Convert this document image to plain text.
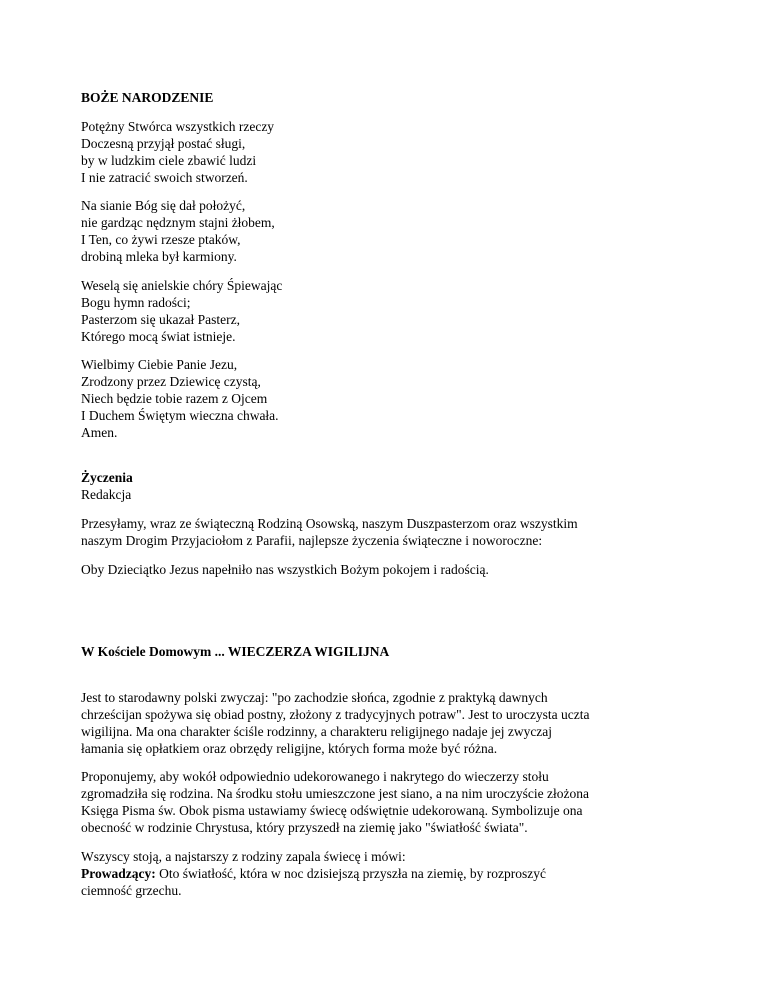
BOŻE NARODZENIE
Potężny Stwórca wszystkich rzeczy
Doczesną przyjął postać sługi,
by w ludzkim ciele zbawić ludzi
I nie zatracić swoich stworzeń.
Na sianie Bóg się dał położyć,
nie gardząc nędznym stajni żłobem,
I Ten, co żywi rzesze ptaków,
drobiną mleka był karmiony.
Weselą się anielskie chóry Śpiewając
Bogu hymn radości;
Pasterzom się ukazał Pasterz,
Którego mocą świat istnieje.
Wielbimy Ciebie Panie Jezu,
Zrodzony przez Dziewicę czystą,
Niech będzie tobie razem z Ojcem
I Duchem Świętym wieczna chwała.
Amen.
Życzenia
Redakcja
Przesyłamy, wraz ze świąteczną Rodziną Osowską, naszym Duszpasterzom oraz wszystkim
naszym Drogim Przyjaciołom z Parafii, najlepsze życzenia świąteczne i noworoczne:
Oby Dzieciątko Jezus napełniło nas wszystkich Bożym pokojem i radością.
W Kościele Domowym ... WIECZERZA WIGILIJNA
Jest to starodawny polski zwyczaj: "po zachodzie słońca, zgodnie z praktyką dawnych
chrześcijan spożywa się obiad postny, złożony z tradycyjnych potraw". Jest to uroczysta uczta
wigilijna. Ma ona charakter ściśle rodzinny, a charakteru religijnego nadaje jej zwyczaj
łamania się opłatkiem oraz obrzędy religijne, których forma może być różna.
Proponujemy, aby wokół odpowiednio udekorowanego i nakrytego do wieczerzy stołu
zgromadziła się rodzina. Na środku stołu umieszczone jest siano, a na nim uroczyście złożona
Księga Pisma św. Obok pisma ustawiamy świecę odświętnie udekorowaną. Symbolizuje ona
obecność w rodzinie Chrystusa, który przyszedł na ziemię jako "światłość świata".
Wszyscy stoją, a najstarszy z rodziny zapala świecę i mówi:
Prowadzący: Oto światłość, która w noc dzisiejszą przyszła na ziemię, by rozproszyć
ciemność grzechu.
